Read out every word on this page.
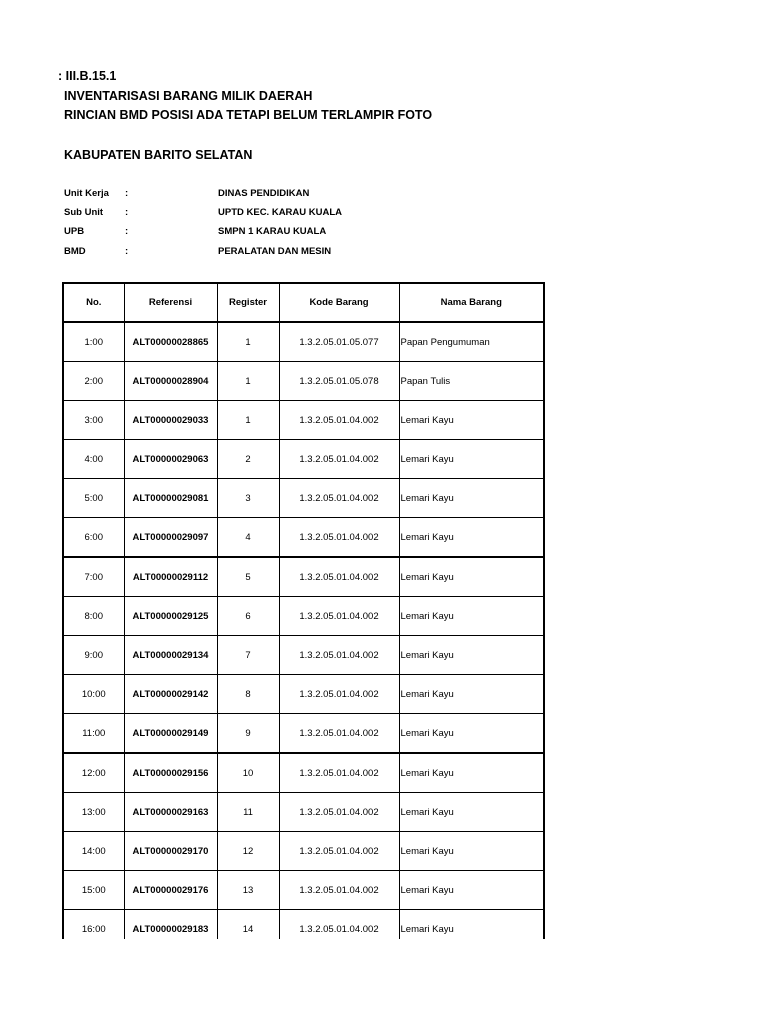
: III.B.15.1
INVENTARISASI BARANG MILIK DAERAH
RINCIAN BMD POSISI ADA TETAPI BELUM TERLAMPIR FOTO
KABUPATEN BARITO SELATAN
Unit Kerja :	DINAS PENDIDIKAN
Sub Unit :	UPTD KEC. KARAU KUALA
UPB	:	SMPN 1 KARAU KUALA
BMD	:	PERALATAN DAN MESIN
No.	Referensi	Register	Kode Barang	Nama Barang
1:00	ALT00000028865	1	1.3.2.05.01.05.077	Papan Pengumuman
2:00	ALT00000028904	1	1.3.2.05.01.05.078	Papan Tulis
3:00	ALT00000029033	1	1.3.2.05.01.04.002	Lemari Kayu
4:00	ALT00000029063	2	1.3.2.05.01.04.002	Lemari Kayu
5:00	ALT00000029081	3	1.3.2.05.01.04.002	Lemari Kayu
6:00	ALT00000029097	4	1.3.2.05.01.04.002	Lemari Kayu
7:00	ALT00000029112	5	1.3.2.05.01.04.002	Lemari Kayu
8:00	ALT00000029125	6	1.3.2.05.01.04.002	Lemari Kayu
9:00	ALT00000029134	7	1.3.2.05.01.04.002	Lemari Kayu
10:00	ALT00000029142	8	1.3.2.05.01.04.002	Lemari Kayu
11:00	ALT00000029149	9	1.3.2.05.01.04.002	Lemari Kayu
12:00	ALT00000029156	10	1.3.2.05.01.04.002	Lemari Kayu
13:00	ALT00000029163	11	1.3.2.05.01.04.002	Lemari Kayu
14:00	ALT00000029170	12	1.3.2.05.01.04.002	Lemari Kayu
15:00	ALT00000029176	13	1.3.2.05.01.04.002	Lemari Kayu
16:00	ALT00000029183	14	1.3.2.05.01.04.002	Lemari Kayu
